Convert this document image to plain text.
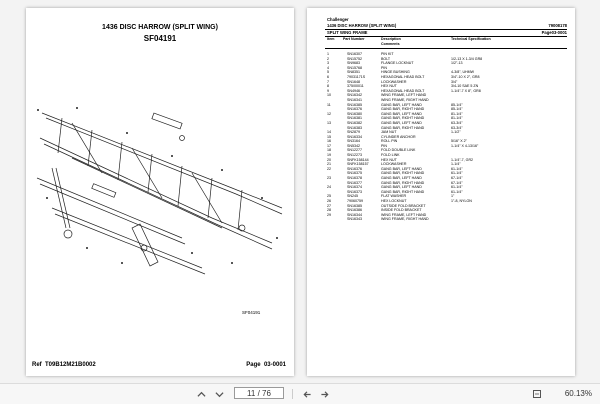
1436 DISC HARROW (SPLIT WING)
SF04191
SF04191
Ref T09B12M21B0002	Page 03-0001
Challenger
1436 DISC HARROW (SPLIT WING)	79008178
SPLIT WING FRAME	Page03-0001
Item Part Number	Description
Comments
Technical Specification
1	SN16307	PIN KIT
2	SN15752	BOLT	1/2-13 X 1-3/4 GR8
3	SN9683	FLANGE LOCKNUT	1/2"-13
4	SN15768	PIN
5	SN8351	HINGE BUSHING	4-3/8", UHMW
6	79031171S	HEXAGONAL HEAD BOLT	3/4"-10 X 2", GR8
7	SN1648	LOCKWASHER	3/4"
8	375/00011	HEX NUT	3/4-10 SAE 5 ZN
9	SN4946	HEXAGONAL HEAD BOLT	1-1/4"-7 X 8", GR8
10	SN16342	WING FRAME, LEFT HAND
SN16341	WING FRAME, RIGHT HAND
11	SN16385	GANG BAR, LEFT HAND	85-1/4"
SN16376	GANG BAR, RIGHT HAND	85-1/4"
12	SN16380	GANG BAR, LEFT HAND	81-1/4"
SN16381	GANG BAR, RIGHT HAND	81-1/4"
13	SN16382	GANG BAR, LEFT HAND	63-3/4"
SN16383	GANG BAR, RIGHT HAND	63-3/4"
14	SN2879	JAM NUT	1-1/2"
15	SN16334	CYLINDER ANCHOR
16	SN3164	ROLL PIN	5/16" X 2"
17	SN5342	PIN	1-1/4" X 4-13/16"
18	SN12277	FOLD DOUBLE LINK
19	SN12273	FOLD LINK
20	SNFK158144	HEX NUT	1-1/4"-7, GR2
21	SNFK158157	LOCKWASHER	1-1/4"
22	SN16376	GANG BAR, LEFT HAND	61-1/4"
SN16375	GANG BAR, RIGHT HAND	61-1/4"
23	SN16378	GANG BAR, LEFT HAND	67-1/4"
SN16377	GANG BAR, RIGHT HAND	67-1/4"
24	SN16374	GANG BAR, LEFT HAND	61-1/4"
SN16373	GANG BAR, RIGHT HAND	61-1/4"
25	SN245	FLAT WASHER	1"
26	79060759	HEX LOCKNUT	1"-8, NYLON
27	SN16385	OUTSIDE FOLD BRACKET
28	SN16386	INSIDE FOLD BRACKET
29	SN16344	WING FRAME, LEFT HAND
SN16343	WING FRAME, RIGHT HAND
11
/ 76	60.13%
